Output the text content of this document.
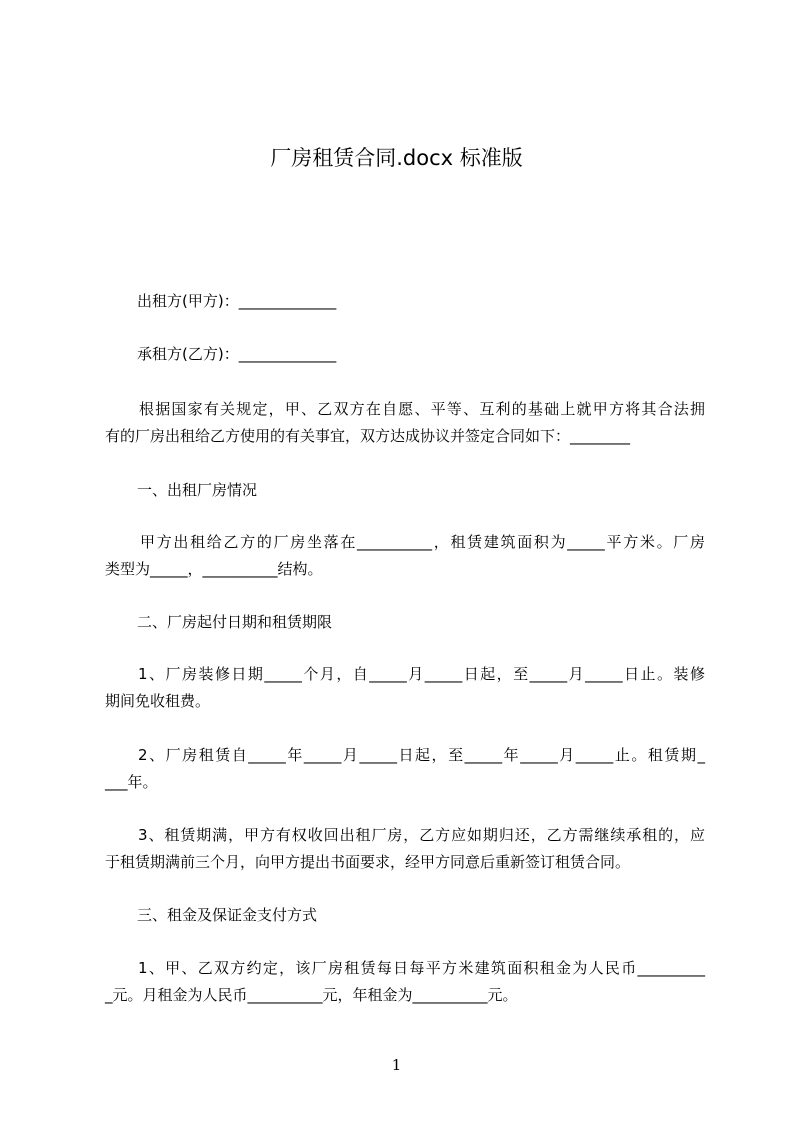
厂房租赁合同.docx 标准版

出租方(甲方)：_____________

承租方(乙方)：_____________

根据国家有关规定，甲、乙双方在自愿、平等、互利的基础上就甲方将其合法拥

有的厂房出租给乙方使用的有关事宜，双方达成协议并签定合同如下：________

一、出租厂房情况

甲方出租给乙方的厂房坐落在__________，租赁建筑面积为_____平方米。厂房

类型为_____，__________结构。

二、厂房起付日期和租赁期限

1、厂房装修日期_____个月，自_____月_____日起，至_____月_____日止。装修

期间免收租费。

2、厂房租赁自_____年_____月_____日起，至_____年_____月_____止。租赁期_

___年。

3、租赁期满，甲方有权收回出租厂房，乙方应如期归还，乙方需继续承租的，应

于租赁期满前三个月，向甲方提出书面要求，经甲方同意后重新签订租赁合同。

三、租金及保证金支付方式

1、甲、乙双方约定，该厂房租赁每日每平方米建筑面积租金为人民币_________

_元。月租金为人民币__________元，年租金为__________元。

1
